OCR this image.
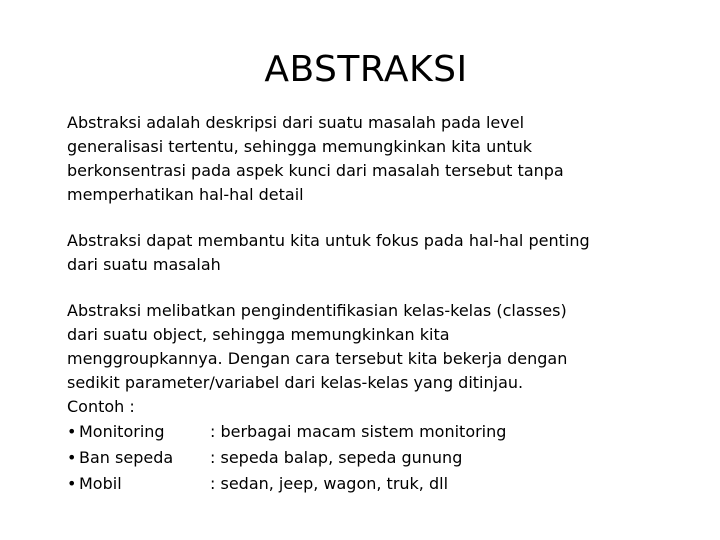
ABSTRAKSI

Abstraksi adalah deskripsi dari suatu masalah pada level
generalisasi tertentu, sehingga memungkinkan kita untuk
berkonsentrasi pada aspek kunci dari masalah tersebut tanpa
memperhatikan hal-hal detail

Abstraksi dapat membantu kita untuk fokus pada hal-hal penting
dari suatu masalah

Abstraksi melibatkan pengindentifikasian kelas-kelas (classes)
dari suatu object, sehingga memungkinkan kita
menggroupkannya. Dengan cara tersebut kita bekerja dengan
sedikit parameter/variabel dari kelas-kelas yang ditinjau.
Contoh :

• Monitoring	: berbagai macam sistem monitoring
• Ban sepeda : sepeda balap, sepeda gunung
• Mobil	: sedan, jeep, wagon, truk, dll
